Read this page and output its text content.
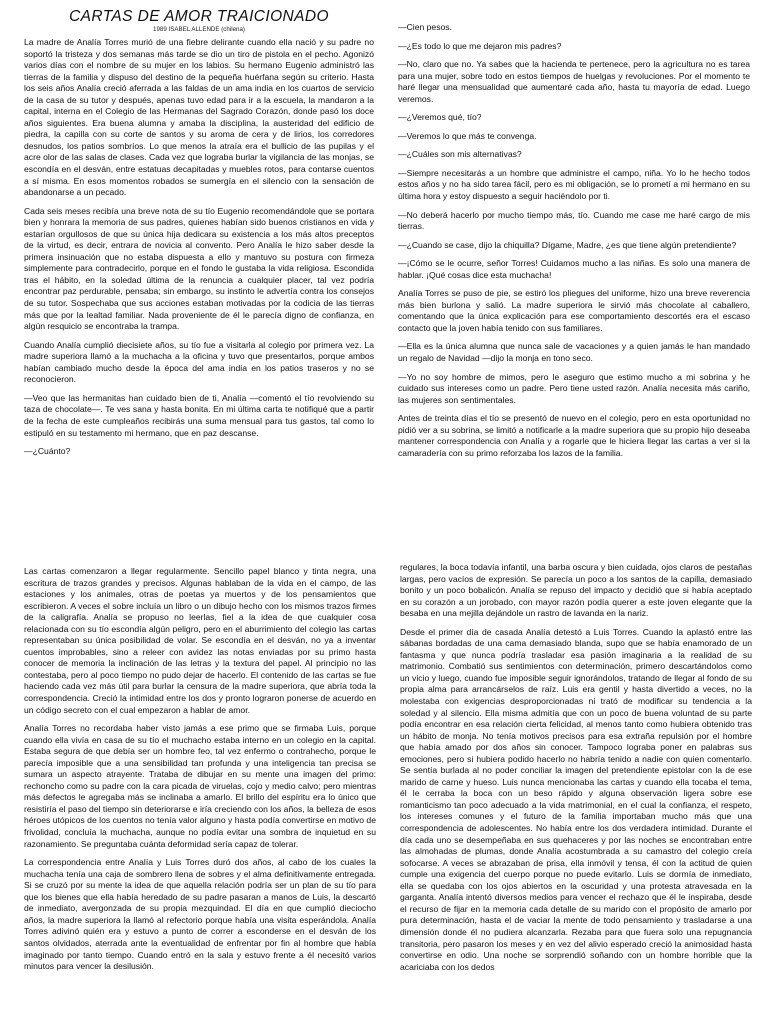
CARTAS DE AMOR TRAICIONADO
1989 ISABEL ALLENDE (chilena)

La madre de Analía Torres murió de una fiebre delirante cuando ella nació y su padre no soportó la tristeza y dos semanas más tarde se dio un tiro de pistola en el pecho. Agonizó varios días con el nombre de su mujer en los labios. Su hermano Eugenio administró las tierras de la familia y dispuso del destino de la pequeña huérfana según su criterio. Hasta los seis años Analía creció aferrada a las faldas de un ama india en los cuartos de servicio de la casa de su tutor y después, apenas tuvo edad para ir a la escuela, la mandaron a la capital, interna en el Colegio de las Hermanas del Sagrado Corazón, donde pasó los doce años siguientes. Era buena alumna y amaba la disciplina, la austeridad del edificio de piedra, la capilla con su corte de santos y su aroma de cera y de lirios, los corredores desnudos, los patios sombríos. Lo que menos la atraía era el bullicio de las pupilas y el acre olor de las salas de clases. Cada vez que lograba burlar la vigilancia de las monjas, se escondía en el desván, entre estatuas decapitadas y muebles rotos, para contarse cuentos a sí misma. En esos momentos robados se sumergía en el silencio con la sensación de abandonarse a un pecado.

Cada seis meses recibía una breve nota de su tío Eugenio recomendándole que se portara bien y honrara la memoria de sus padres, quienes habían sido buenos cristianos en vida y estarían orgullosos de que su única hija dedicara su existencia a los más altos preceptos de la virtud, es decir, entrara de novicia al convento. Pero Analía le hizo saber desde la primera insinuación que no estaba dispuesta a ello y mantuvo su postura con firmeza simplemente para contradecirlo, porque en el fondo le gustaba la vida religiosa. Escondida tras el hábito, en la soledad última de la renuncia a cualquier placer, tal vez podría encontrar paz perdurable, pensaba; sin embargo, su instinto le advertía contra los consejos de su tutor. Sospechaba que sus acciones estaban motivadas por la codicia de las tierras más que por la lealtad familiar. Nada proveniente de él le parecía digno de confianza, en algún resquicio se encontraba la trampa.

Cuando Analía cumplió diecisiete años, su tío fue a visitarla al colegio por primera vez. La madre superiora llamó a la muchacha a la oficina y tuvo que presentarlos, porque ambos habían cambiado mucho desde la época del ama india en los patios traseros y no se reconocieron.

—Veo que las hermanitas han cuidado bien de ti, Analía —comentó el tío revolviendo su taza de chocolate—. Te ves sana y hasta bonita. En mi última carta te notifiqué que a partir de la fecha de este cumpleaños recibirás una suma mensual para tus gastos, tal como lo estipuló en su testamento mi hermano, que en paz descanse.

—¿Cuánto?

—Cien pesos.

—¿Es todo lo que me dejaron mis padres?

—No, claro que no. Ya sabes que la hacienda te pertenece, pero la agricultura no es tarea para una mujer, sobre todo en estos tiempos de huelgas y revoluciones. Por el momento te haré llegar una mensualidad que aumentaré cada año, hasta tu mayoría de edad. Luego veremos.

—¿Veremos qué, tío?

—Veremos lo que más te convenga.

—¿Cuáles son mis alternativas?

—Siempre necesitarás a un hombre que administre el campo, niña. Yo lo he hecho todos estos años y no ha sido tarea fácil, pero es mi obligación, se lo prometí a mi hermano en su última hora y estoy dispuesto a seguir haciéndolo por ti.

—No deberá hacerlo por mucho tiempo más, tío. Cuando me case me haré cargo de mis tierras.

—¿Cuando se case, dijo la chiquilla? Dígame, Madre, ¿es que tiene algún pretendiente?

—¡Cómo se le ocurre, señor Torres! Cuidamos mucho a las niñas. Es solo una manera de hablar. ¡Qué cosas dice esta muchacha!

Analía Torres se puso de pie, se estiró los pliegues del uniforme, hizo una breve reverencia más bien burlona y salió. La madre superiora le sirvió más chocolate al caballero, comentando que la única explicación para ese comportamiento descortés era el escaso contacto que la joven había tenido con sus familiares.

—Ella es la única alumna que nunca sale de vacaciones y a quien jamás le han mandado un regalo de Navidad —dijo la monja en tono seco.

—Yo no soy hombre de mimos, pero le aseguro que estimo mucho a mi sobrina y he cuidado sus intereses como un padre. Pero tiene usted razón. Analía necesita más cariño, las mujeres son sentimentales.

Antes de treinta días el tío se presentó de nuevo en el colegio, pero en esta oportunidad no pidió ver a su sobrina, se limitó a notificarle a la madre superiora que su propio hijo deseaba mantener correspondencia con Analía y a rogarle que le hiciera llegar las cartas a ver si la camaradería con su primo reforzaba los lazos de la familia.

Las cartas comenzaron a llegar regularmente. Sencillo papel blanco y tinta negra, una escritura de trazos grandes y precisos. Algunas hablaban de la vida en el campo, de las estaciones y los animales, otras de poetas ya muertos y de los pensamientos que escribieron. A veces el sobre incluía un libro o un dibujo hecho con los mismos trazos firmes de la caligrafía. Analía se propuso no leerlas, fiel a la idea de que cualquier cosa relacionada con su tío escondía algún peligro, pero en el aburrimiento del colegio las cartas representaban su única posibilidad de volar. Se escondía en el desván, no ya a inventar cuentos improbables, sino a releer con avidez las notas enviadas por su primo hasta conocer de memoria la inclinación de las letras y la textura del papel. Al principio no las contestaba, pero al poco tiempo no pudo dejar de hacerlo. El contenido de las cartas se fue haciendo cada vez más útil para burlar la censura de la madre superiora, que abría toda la correspondencia. Creció la intimidad entre los dos y pronto lograron ponerse de acuerdo en un código secreto con el cual empezaron a hablar de amor.

Analía Torres no recordaba haber visto jamás a ese primo que se firmaba Luis, porque cuando ella vivía en casa de su tío el muchacho estaba interno en un colegio en la capital. Estaba segura de que debía ser un hombre feo, tal vez enfermo o contrahecho, porque le parecía imposible que a una sensibilidad tan profunda y una inteligencia tan precisa se sumara un aspecto atrayente. Trataba de dibujar en su mente una imagen del primo: rechoncho como su padre con la cara picada de viruelas, cojo y medio calvo; pero mientras más defectos le agregaba más se inclinaba a amarlo. El brillo del espíritu era lo único que resistiría el paso del tiempo sin deteriorarse e iría creciendo con los años, la belleza de esos héroes utópicos de los cuentos no tenía valor alguno y hasta podía convertirse en motivo de frivolidad, concluía la muchacha, aunque no podía evitar una sombra de inquietud en su razonamiento. Se preguntaba cuánta deformidad sería capaz de tolerar.

La correspondencia entre Analía y Luis Torres duró dos años, al cabo de los cuales la muchacha tenía una caja de sombrero llena de sobres y el alma definitivamente entregada. Si se cruzó por su mente la idea de que aquella relación podría ser un plan de su tío para que los bienes que ella había heredado de su padre pasaran a manos de Luis, la descartó de inmediato, avergonzada de su propia mezquindad. El día en que cumplió dieciocho años, la madre superiora la llamó al refectorio porque había una visita esperándola. Analía Torres adivinó quién era y estuvo a punto de correr a esconderse en el desván de los santos olvidados, aterrada ante la eventualidad de enfrentar por fin al hombre que había imaginado por tanto tiempo. Cuando entró en la sala y estuvo frente a él necesitó varios minutos para vencer la desilusión.

regulares, la boca todavía infantil, una barba oscura y bien cuidada, ojos claros de pestañas largas, pero vacíos de expresión. Se parecía un poco a los santos de la capilla, demasiado bonito y un poco bobalicón. Analía se repuso del impacto y decidió que si había aceptado en su corazón a un jorobado, con mayor razón podía querer a este joven elegante que la besaba en una mejilla dejándole un rastro de lavanda en la nariz.

Desde el primer día de casada Analía detestó a Luis Torres. Cuando la aplastó entre las sábanas bordadas de una cama demasiado blanda, supo que se había enamorado de un fantasma y que nunca podría trasladar esa pasión imaginaria a la realidad de su matrimonio. Combatió sus sentimientos con determinación, primero descartándolos como un vicio y luego, cuando fue imposible seguir ignorándolos, tratando de llegar al fondo de su propia alma para arrancárselos de raíz. Luis era gentil y hasta divertido a veces, no la molestaba con exigencias desproporcionadas ni trató de modificar su tendencia a la soledad y al silencio. Ella misma admitía que con un poco de buena voluntad de su parte podía encontrar en esa relación cierta felicidad, al menos tanto como hubiera obtenido tras un hábito de monja. No tenía motivos precisos para esa extraña repulsión por el hombre que había amado por dos años sin conocer. Tampoco lograba poner en palabras sus emociones, pero si hubiera podido hacerlo no habría tenido a nadie con quien comentarlo. Se sentía burlada al no poder conciliar la imagen del pretendiente epistolar con la de ese marido de carne y hueso. Luis nunca mencionaba las cartas y cuando ella tocaba el tema, él le cerraba la boca con un beso rápido y alguna observación ligera sobre ese romanticismo tan poco adecuado a la vida matrimonial, en el cual la confianza, el respeto, los intereses comunes y el futuro de la familia importaban mucho más que una correspondencia de adolescentes. No había entre los dos verdadera intimidad. Durante el día cada uno se desempeñaba en sus quehaceres y por las noches se encontraban entre las almohadas de plumas, donde Analía acostumbrada a su camastro del colegio creía sofocarse. A veces se abrazaban de prisa, ella inmóvil y tensa, él con la actitud de quien cumple una exigencia del cuerpo porque no puede evitarlo. Luis se dormía de inmediato, ella se quedaba con los ojos abiertos en la oscuridad y una protesta atravesada en la garganta. Analía intentó diversos medios para vencer el rechazo que él le inspiraba, desde el recurso de fijar en la memoria cada detalle de su marido con el propósito de amarlo por pura determinación, hasta el de vaciar la mente de todo pensamiento y trasladarse a una dimensión donde él no pudiera alcanzarla. Rezaba para que fuera solo una repugnancia transitoria, pero pasaron los meses y en vez del alivio esperado creció la animosidad hasta convertirse en odio. Una noche se sorprendió soñando con un hombre horrible que la acariciaba con los dedos
